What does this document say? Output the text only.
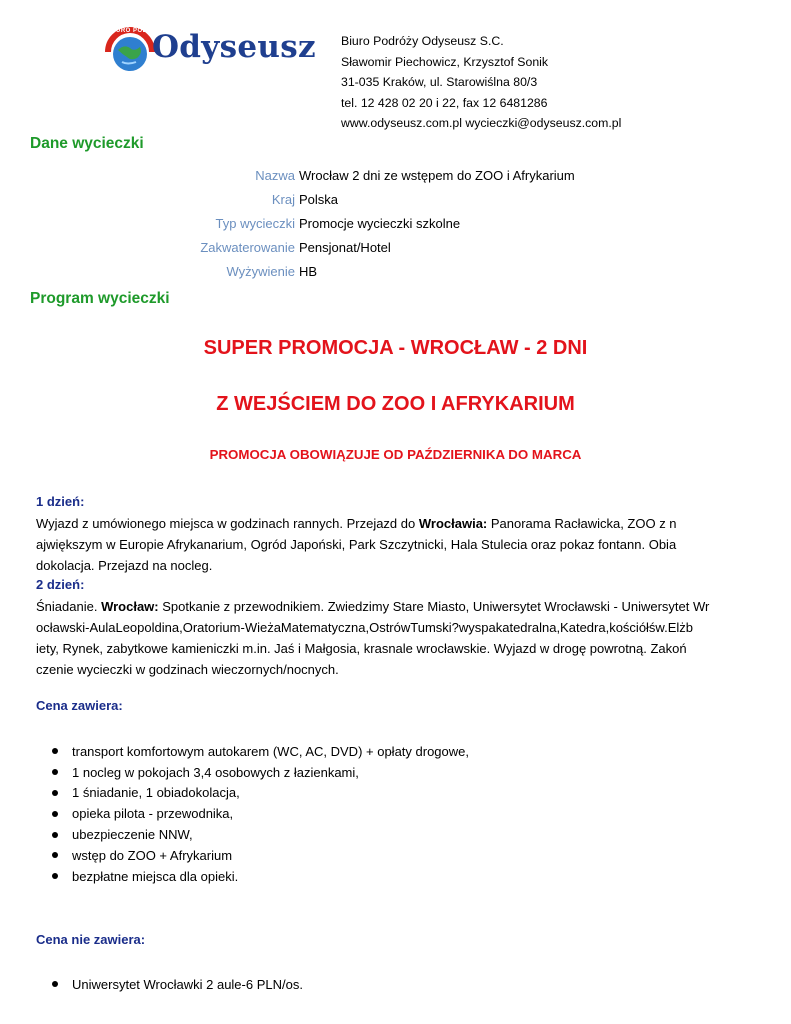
Odyseusz
BIURO PODRÓŻY
Biuro Podróży Odyseusz S.C.
Sławomir Piechowicz, Krzysztof Sonik
31-035 Kraków, ul. Starowiślna 80/3
tel. 12 428 02 20 i 22, fax 12 6481286
www.odyseusz.com.pl wycieczki@odyseusz.com.pl
Dane wycieczki
Nazwa Wrocław 2 dni ze wstępem do ZOO i Afrykarium
Kraj Polska
Typ wycieczki Promocje wycieczki szkolne
Zakwaterowanie Pensjonat/Hotel
Wyżywienie HB
Program wycieczki
SUPER PROMOCJA - WROCŁAW - 2 DNI
Z WEJŚCIEM DO ZOO I AFRYKARIUM
PROMOCJA OBOWIĄZUJE OD PAŹDZIERNIKA DO MARCA
1 dzień:
Wyjazd z umówionego miejsca w godzinach rannych. Przejazd do Wrocławia: Panorama Racławicka, ZOO z n
ajwiększym w Europie Afrykanarium, Ogród Japoński, Park Szczytnicki, Hala Stulecia oraz pokaz fontann. Obia
dokolacja. Przejazd na nocleg.
2 dzień:
Śniadanie. Wrocław: Spotkanie z przewodnikiem. Zwiedzimy Stare Miasto, Uniwersytet Wrocławski - Uniwersytet Wr
ocławski-AulaLeopoldina,Oratorium-WieżaMatematyczna,OstrówTumski?wyspakatedralna,Katedra,kościółśw.Elżb
iety, Rynek, zabytkowe kamieniczki m.in. Jaś i Małgosia, krasnale wrocławskie. Wyjazd w drogę powrotną. Zakoń
czenie wycieczki w godzinach wieczornych/nocnych.
Cena zawiera:
transport komfortowym autokarem (WC, AC, DVD) + opłaty drogowe,
1 nocleg w pokojach 3,4 osobowych z łazienkami,
1 śniadanie, 1 obiadokolacja,
opieka pilota - przewodnika,
ubezpieczenie NNW,
wstęp do ZOO + Afrykarium
bezpłatne miejsca dla opieki.
Cena nie zawiera:
Uniwersytet Wrocławki 2 aule-6 PLN/os.
